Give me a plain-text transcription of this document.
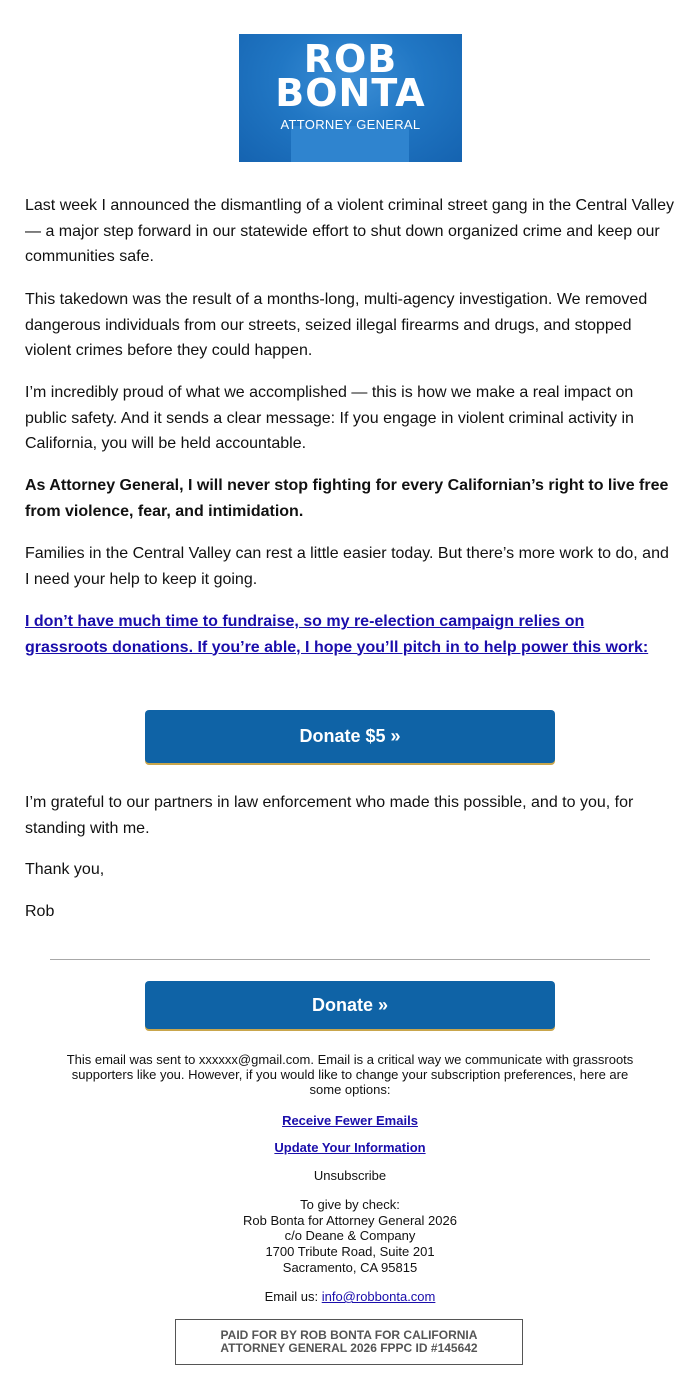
ROB
BONTA
ATTORNEY GENERAL

Last week I announced the dismantling of a violent criminal street gang in the Central Valley — a major step forward in our statewide effort to shut down organized crime and keep our communities safe.

This takedown was the result of a months-long, multi-agency investigation. We removed dangerous individuals from our streets, seized illegal firearms and drugs, and stopped violent crimes before they could happen.

I’m incredibly proud of what we accomplished — this is how we make a real impact on public safety. And it sends a clear message: If you engage in violent criminal activity in California, you will be held accountable.

As Attorney General, I will never stop fighting for every Californian’s right to live free from violence, fear, and intimidation.

Families in the Central Valley can rest a little easier today. But there’s more work to do, and I need your help to keep it going.

I don’t have much time to fundraise, so my re-election campaign relies on grassroots donations. If you’re able, I hope you’ll pitch in to help power this work:

Donate $5 »

I’m grateful to our partners in law enforcement who made this possible, and to you, for standing with me.

Thank you,

Rob

Donate »

This email was sent to xxxxxx@gmail.com. Email is a critical way we communicate with grassroots supporters like you. However, if you would like to change your subscription preferences, here are some options:

Receive Fewer Emails

Update Your Information

Unsubscribe

To give by check:

Rob Bonta for Attorney General 2026

c/o Deane & Company

1700 Tribute Road, Suite 201

Sacramento, CA 95815

Email us: info@robbonta.com

PAID FOR BY ROB BONTA FOR CALIFORNIA
ATTORNEY GENERAL 2026 FPPC ID #145642
